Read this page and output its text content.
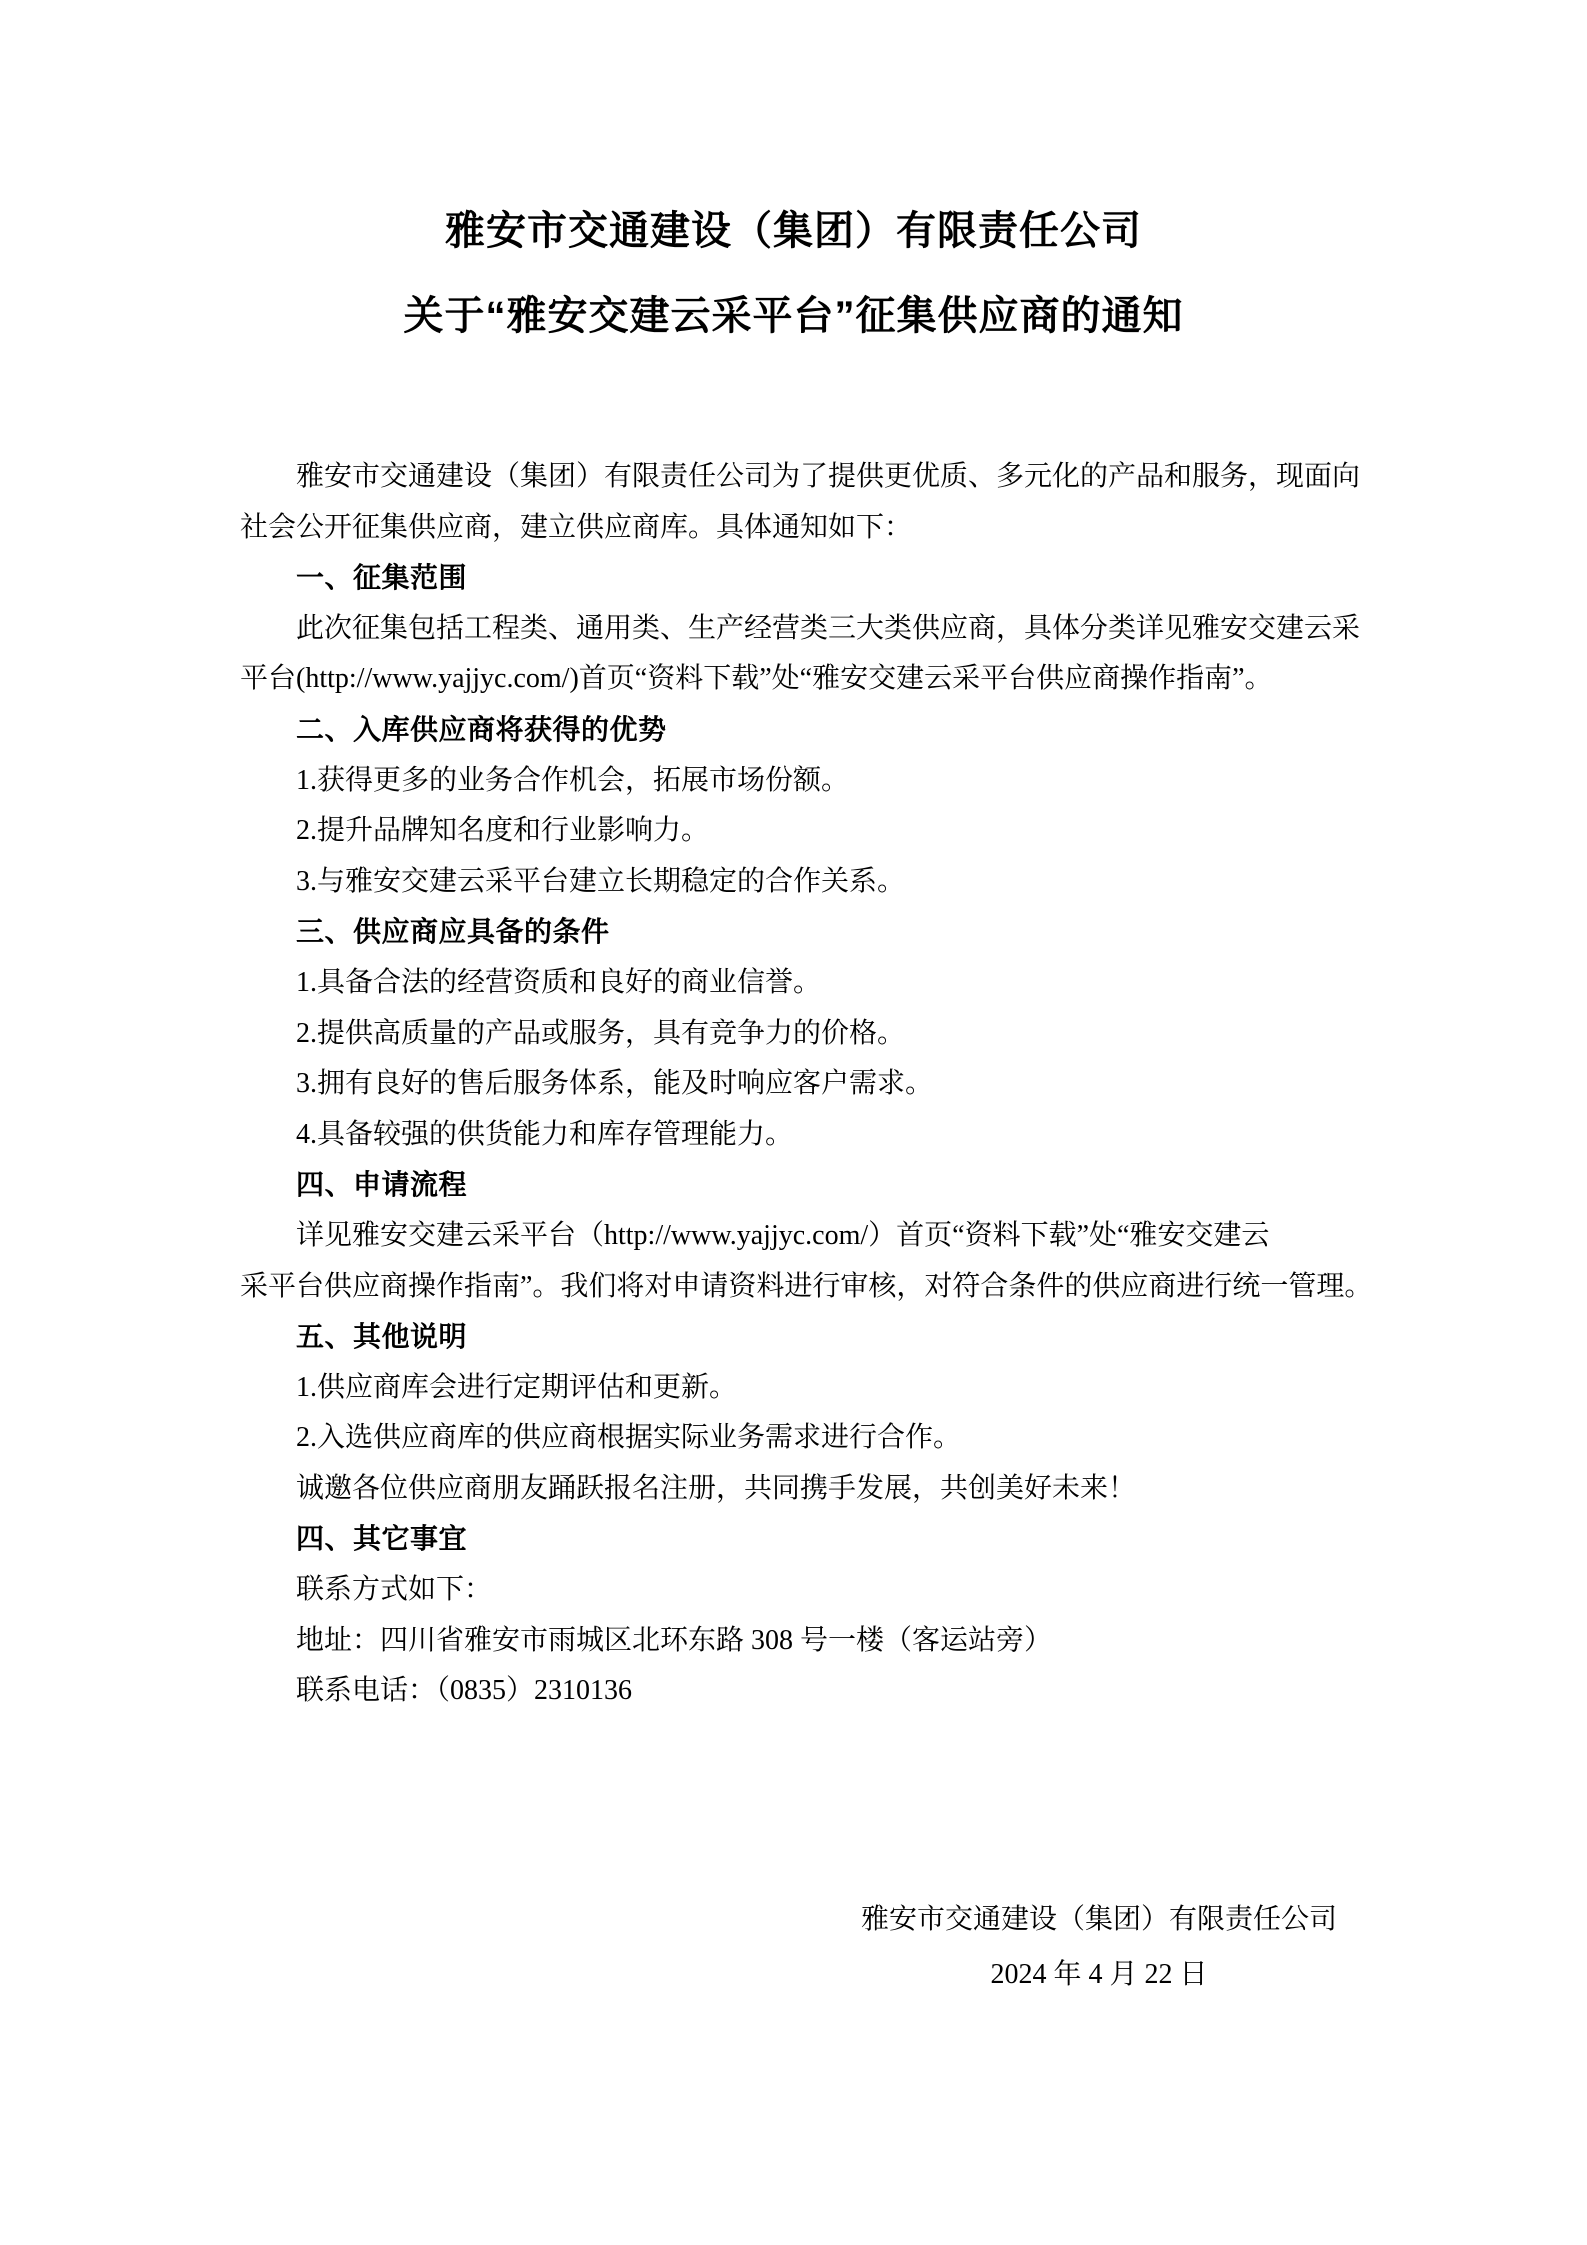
雅安市交通建设（集团）有限责任公司
关于“雅安交建云采平台”征集供应商的通知
雅安市交通建设（集团）有限责任公司为了提供更优质、多元化的产品和服务，现面向
社会公开征集供应商，建立供应商库。具体通知如下：
一、征集范围
此次征集包括工程类、通用类、生产经营类三大类供应商，具体分类详见雅安交建云采
平台(http://www.yajjyc.com/)首页“资料下载”处“雅安交建云采平台供应商操作指南”。
二、入库供应商将获得的优势
1.获得更多的业务合作机会，拓展市场份额。
2.提升品牌知名度和行业影响力。
3.与雅安交建云采平台建立长期稳定的合作关系。
三、供应商应具备的条件
1.具备合法的经营资质和良好的商业信誉。
2.提供高质量的产品或服务，具有竞争力的价格。
3.拥有良好的售后服务体系，能及时响应客户需求。
4.具备较强的供货能力和库存管理能力。
四、申请流程
详见雅安交建云采平台（http://www.yajjyc.com/）首页“资料下载”处“雅安交建云
采平台供应商操作指南”。我们将对申请资料进行审核，对符合条件的供应商进行统一管理。
五、其他说明
1.供应商库会进行定期评估和更新。
2.入选供应商库的供应商根据实际业务需求进行合作。
诚邀各位供应商朋友踊跃报名注册，共同携手发展，共创美好未来！
四、其它事宜
联系方式如下：
地址：四川省雅安市雨城区北环东路 308 号一楼（客运站旁）
联系电话：（0835）2310136
雅安市交通建设（集团）有限责任公司
2024 年 4 月 22 日
